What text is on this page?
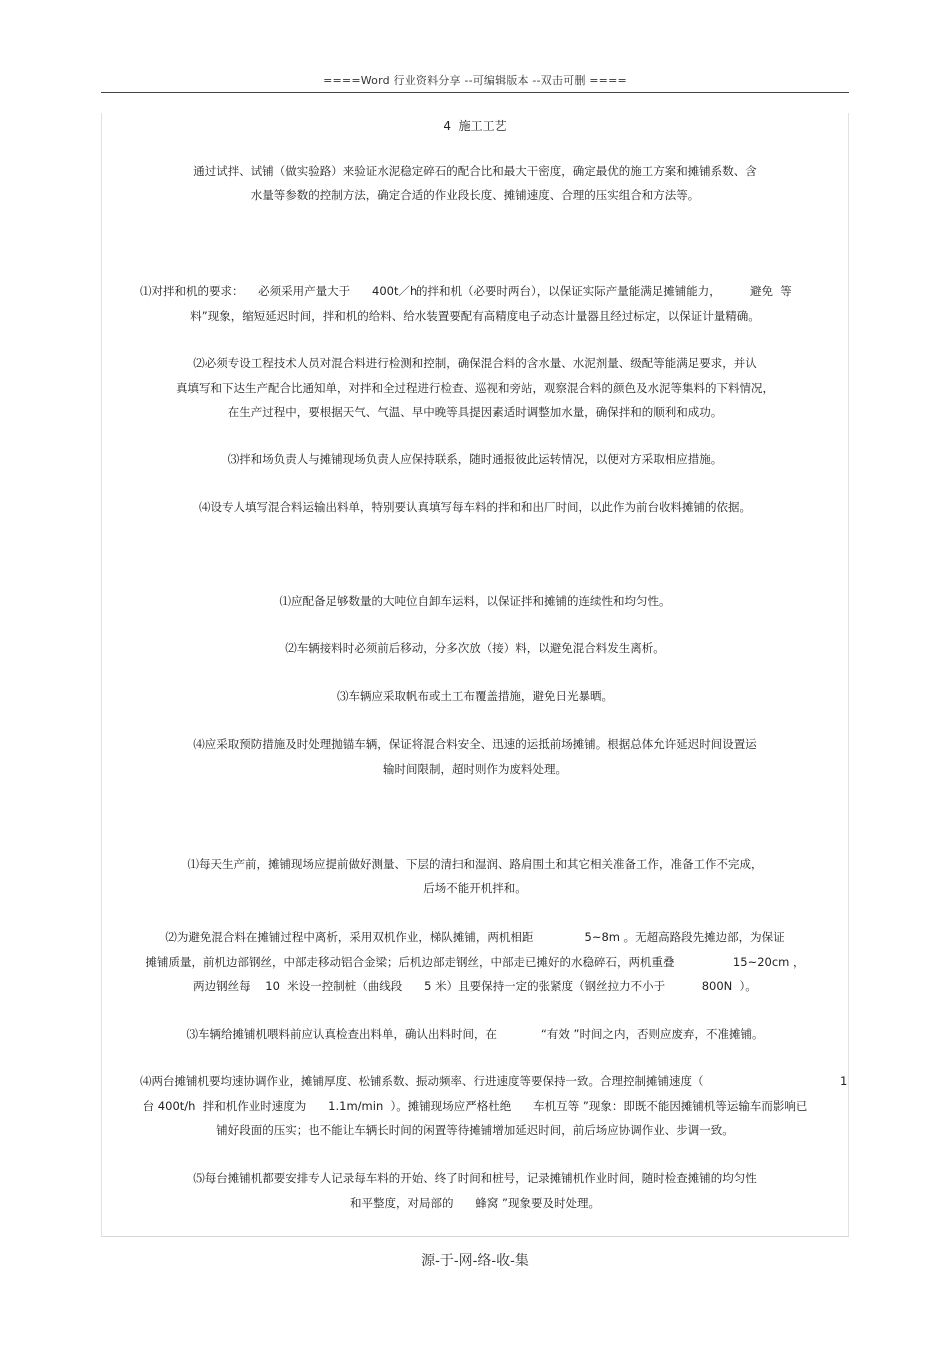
====Word 行业资料分享 --可编辑版本 --双击可删 ====
4  施工工艺
通过试拌、试铺（做实验路）来验证水泥稳定碎石的配合比和最大干密度，确定最优的施工方案和摊铺系数、含
水量等参数的控制方法，确定合适的作业段长度、摊铺速度、合理的压实组合和方法等。
⑴对拌和机的要求：    必须采用产量大于      400t／h
的拌和机（必要时两台），以保证实际产量能满足摊铺能力，        避免  等
料”现象，缩短延迟时间，拌和机的给料、给水装置要配有高精度电子动态计量器且经过标定，以保证计量精确。
⑵必须专设工程技术人员对混合料进行检测和控制，确保混合料的含水量、水泥剂量、级配等能满足要求，并认
真填写和下达生产配合比通知单，对拌和全过程进行检查、巡视和旁站，观察混合料的颜色及水泥等集料的下料情况，
在生产过程中，要根据天气、气温、早中晚等具提因素适时调整加水量，确保拌和的顺利和成功。
⑶拌和场负责人与摊铺现场负责人应保持联系，随时通报彼此运转情况，以便对方采取相应措施。
⑷设专人填写混合料运输出料单，特别要认真填写每车料的拌和和出厂时间，以此作为前台收料摊铺的依据。
⑴应配备足够数量的大吨位自卸车运料，以保证拌和摊铺的连续性和均匀性。
⑵车辆接料时必须前后移动，分多次放（接）料，以避免混合料发生离析。
⑶车辆应采取帆布或土工布覆盖措施，避免日光暴晒。
⑷应采取预防措施及时处理抛锚车辆，保证将混合料安全、迅速的运抵前场摊铺。根据总体允许延迟时间设置运
输时间限制，超时则作为废料处理。
⑴每天生产前，摊铺现场应提前做好测量、下层的清扫和湿润、路肩围土和其它相关准备工作，准备工作不完成，
后场不能开机拌和。
⑵为避免混合料在摊铺过程中离析，采用双机作业，梯队摊铺，两机相距              5~8m 。无超高路段先摊边部，为保证
摊铺质量，前机边部钢丝，中部走移动铝合金梁；后机边部走钢丝，中部走已摊好的水稳碎石，两机重叠                15~20cm ，
两边钢丝每    10  米设一控制桩（曲线段      5 米）且要保持一定的张紧度（钢丝拉力不小于          800N  ）。
⑶车辆给摊铺机喂料前应认真检查出料单，确认出料时间，在            “有效 ”时间之内，否则应废弃，不准摊铺。
⑷两台摊铺机要均速协调作业，摊铺厚度、松铺系数、振动频率、行进速度等要保持一致。合理控制摊铺速度（	1
台 400t/h  拌和机作业时速度为      1.1m/min  ）。摊铺现场应严格杜绝      车机互等 ”现象：即既不能因摊铺机等运输车而影响已
铺好段面的压实；也不能让车辆长时间的闲置等待摊铺增加延迟时间，前后场应协调作业、步调一致。
⑸每台摊铺机都要安排专人记录每车料的开始、终了时间和桩号，记录摊铺机作业时间，随时检查摊铺的均匀性
和平整度，对局部的      蜂窝 ”现象要及时处理。
源-于-网-络-收-集
